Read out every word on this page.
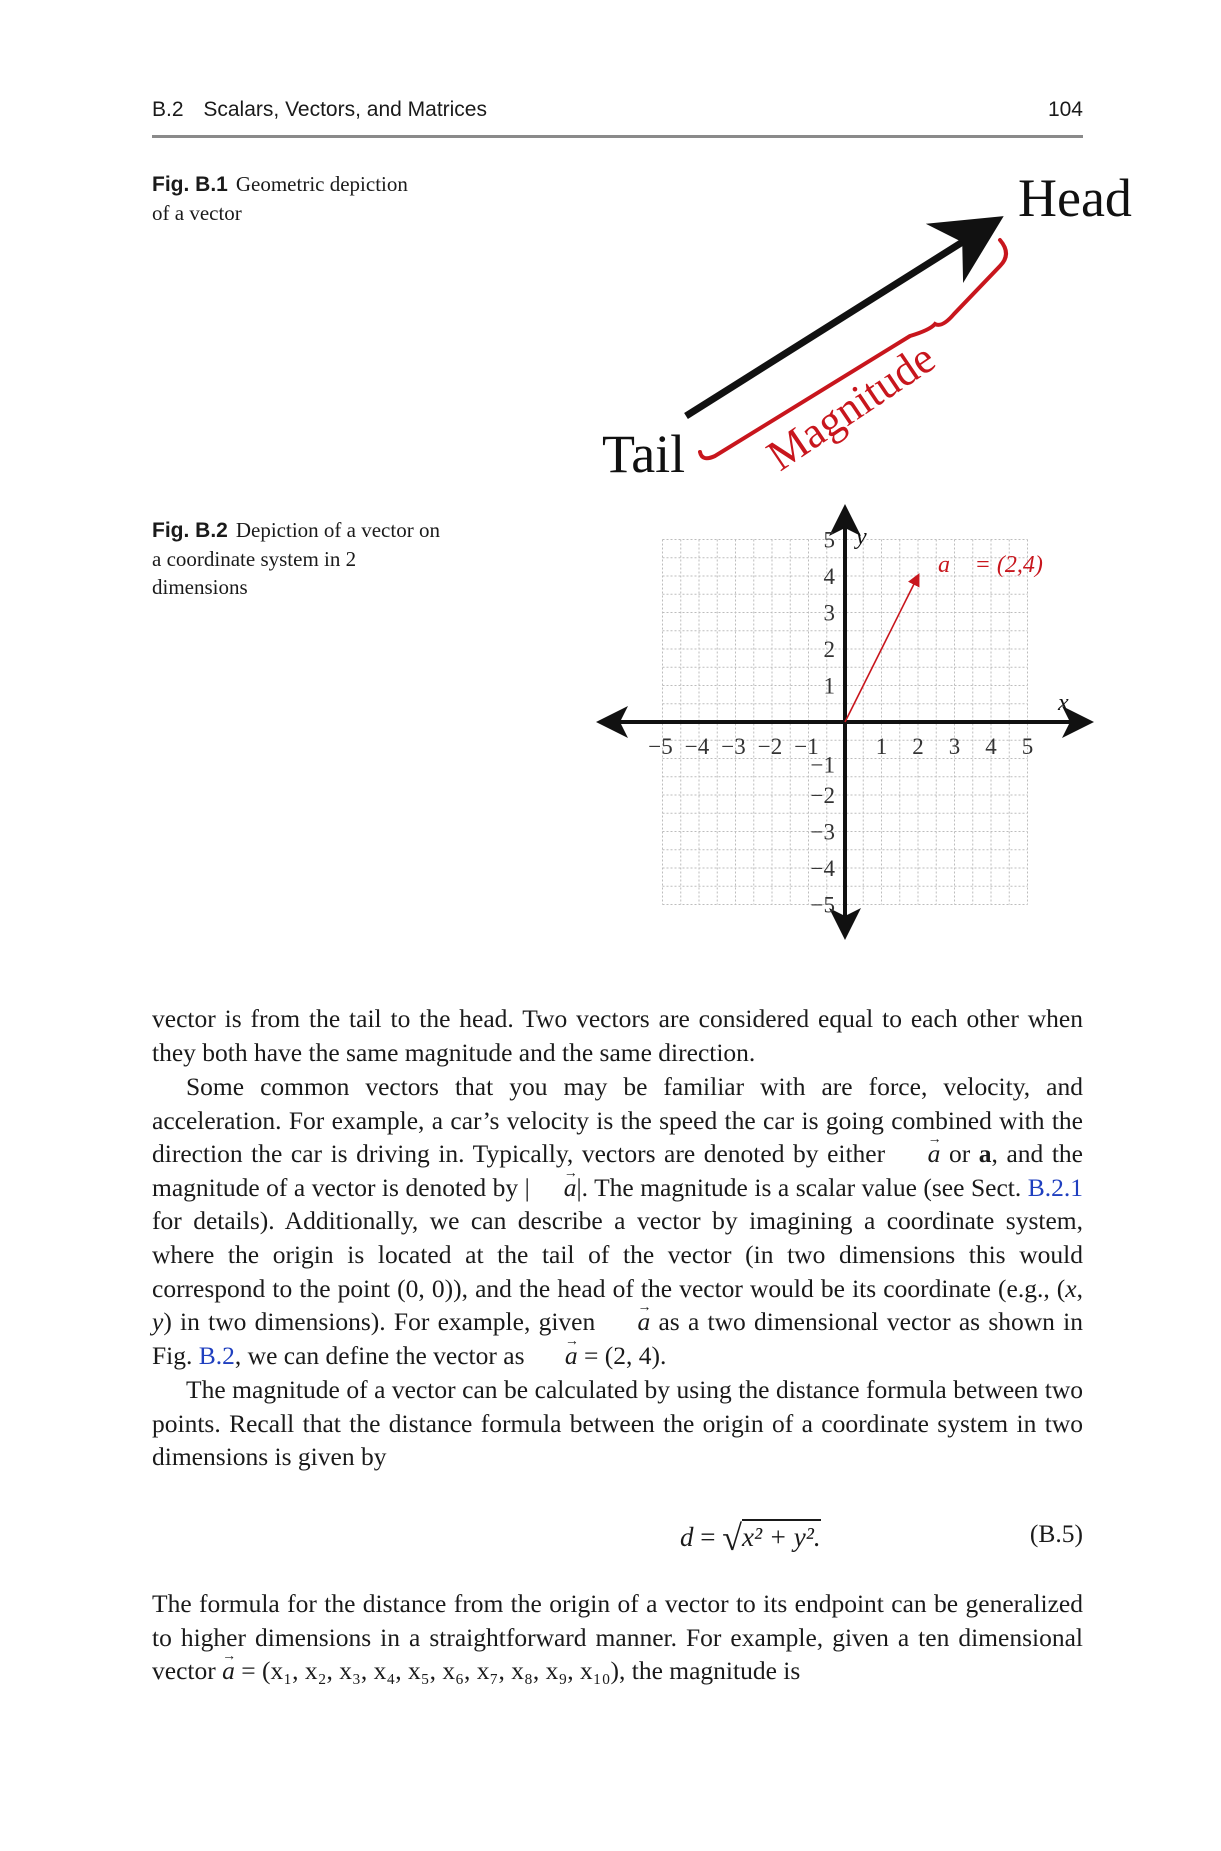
B.2 Scalars, Vectors, and Matrices	104
Fig. B.1 Geometric depiction of a vector	Head
Tail Magnitude
Fig. B.2 Depiction of a vector on a coordinate system in 2 dimensions
−5 −4 −3 −2 −1 1 2 3 4 5
5
4
3
2
1
−1
−2
−3
−4
−5
a⃗ = (2,4)
y
x
vector is from the tail to the head. Two vectors are considered equal to each other when they both have the same magnitude and the same direction.
Some common vectors that you may be familiar with are force, velocity, and acceleration. For example, a car’s velocity is the speed the car is going combined with the direction the car is driving in. Typically, vectors are denoted by either → a or a, and the magnitude of a vector is denoted by |→ a|. The magnitude is a scalar value (see Sect. B.2.1 for details). Additionally, we can describe a vector by imagining a coordinate system, where the origin is located at the tail of the vector (in two dimensions this would correspond to the point (0, 0)), and the head of the vector would be its coordinate (e.g., (x, y) in two dimensions). For example, given → a as a two dimensional vector as shown in Fig. B.2, we can define the vector as → a = (2, 4).
The magnitude of a vector can be calculated by using the distance formula between two points. Recall that the distance formula between the origin of a coordinate system in two dimensions is given by
d = √x² + y².	(B.5)
The formula for the distance from the origin of a vector to its endpoint can be generalized to higher dimensions in a straightforward manner. For example, given a ten dimensional vector → a = (x₁, x₂, x₃, x₄, x₅, x₆, x₇, x₈, x₉, x₁₀), the magnitude is
